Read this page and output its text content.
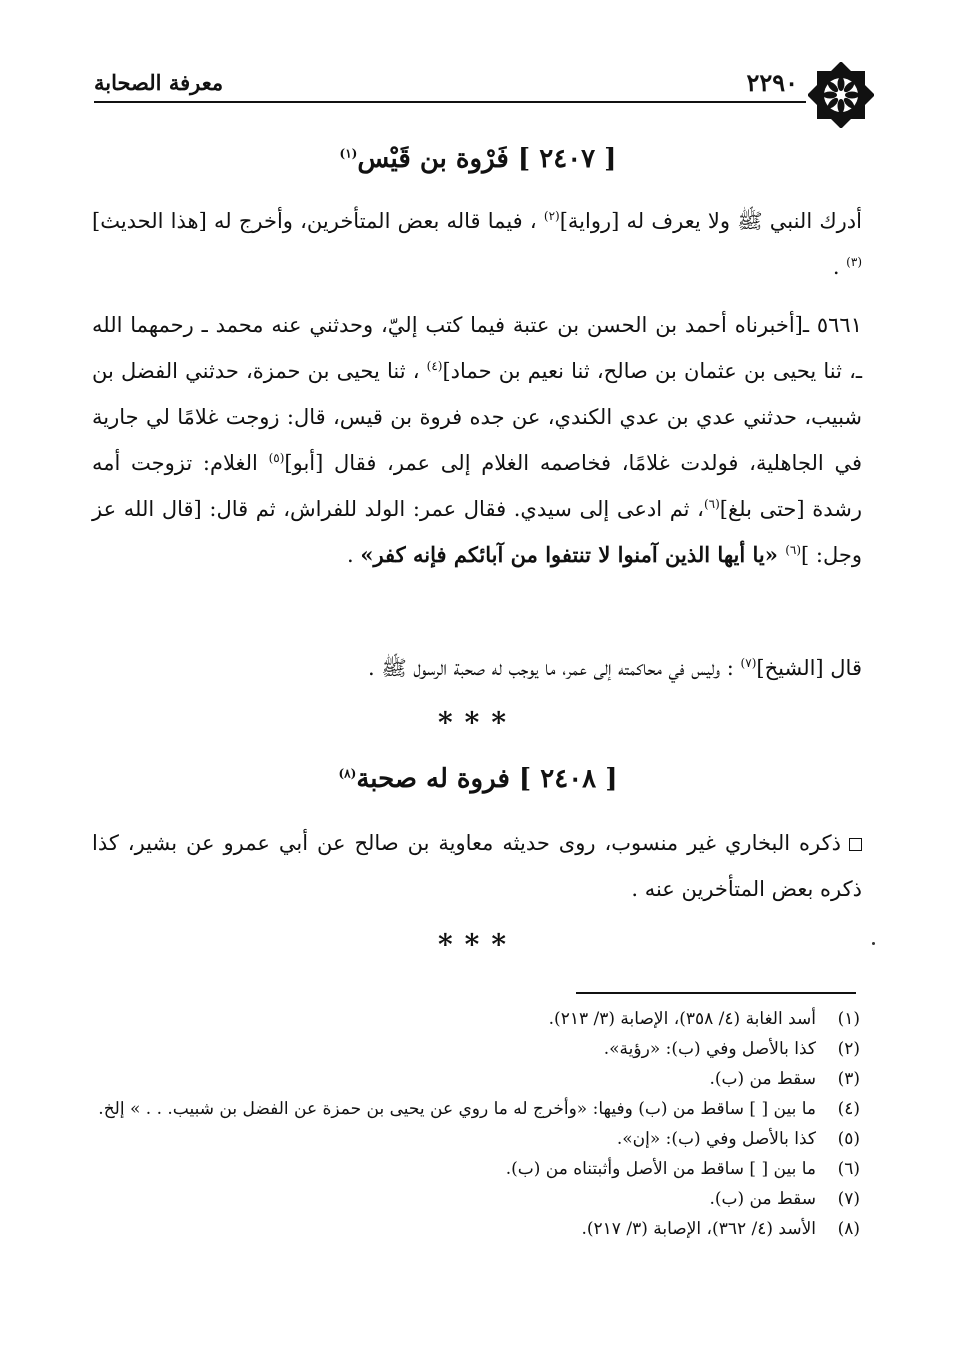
٢٢٩٠
معرفة الصحابة
[ ٢٤٠٧ ] فَرْوة بن قَيْس$^{(١)}$
أدرك النبي ﷺ ولا يعرف له [رواية]$^{(٢)}$ ، فيما قاله بعض المتأخرين، وأخرج له [هذا الحديث]$^{(٣)}$ .
٥٦٦١ ـ[أخبرناه أحمد بن الحسن بن عتبة فيما كتب إليّ، وحدثني عنه محمد ـ رحمهما الله ـ، ثنا يحيى بن عثمان بن صالح، ثنا نعيم بن حماد]$^{(٤)}$ ، ثنا يحيى بن حمزة، حدثني الفضل بن شبيب، حدثني عدي بن عدي الكندي، عن جده فروة بن قيس، قال: زوجت غلامًا لي جارية في الجاهلية، فولدت غلامًا، فخاصمه الغلام إلى عمر، فقال [أبو]$^{(٥)}$ الغلام: تزوجت أمه رشدة [حتى بلغ]$^{(٦)}$، ثم ادعى إلى سيدي. فقال عمر: الولد للفراش، ثم قال: [قال الله عز وجل: ]$^{(٦)}$ «يا أيها الذين آمنوا لا تنتفوا من آبائكم فإنه كفر» .
قال [الشيخ]$^{(٧)}$ : وليس في محاكمته إلى عمر، ما يوجب له صحبة الرسول ﷺ .
***
[ ٢٤٠٨ ] فروة له صحبة$^{(٨)}$
ذكره البخاري غير منسوب، روى حديثه معاوية بن صالح عن أبي عمرو عن بشير، كذا ذكره بعض المتأخرين عنه .
***
(١)
أسد الغابة (٤/ ٣٥٨)، الإصابة (٣/ ٢١٣).
(٢)
كذا بالأصل وفي (ب): «رؤية».
(٣)
سقط من (ب).
(٤)
ما بين [ ] ساقط من (ب) وفيها: «وأخرج له ما روي عن يحيى بن حمزة عن الفضل بن شبيب. . . » إلخ.
(٥)
كذا بالأصل وفي (ب): «إن».
(٦)
ما بين [ ] ساقط من الأصل وأثبتناه من (ب).
(٧)
سقط من (ب).
(٨)
الأسد (٤/ ٣٦٢)، الإصابة (٣/ ٢١٧).
